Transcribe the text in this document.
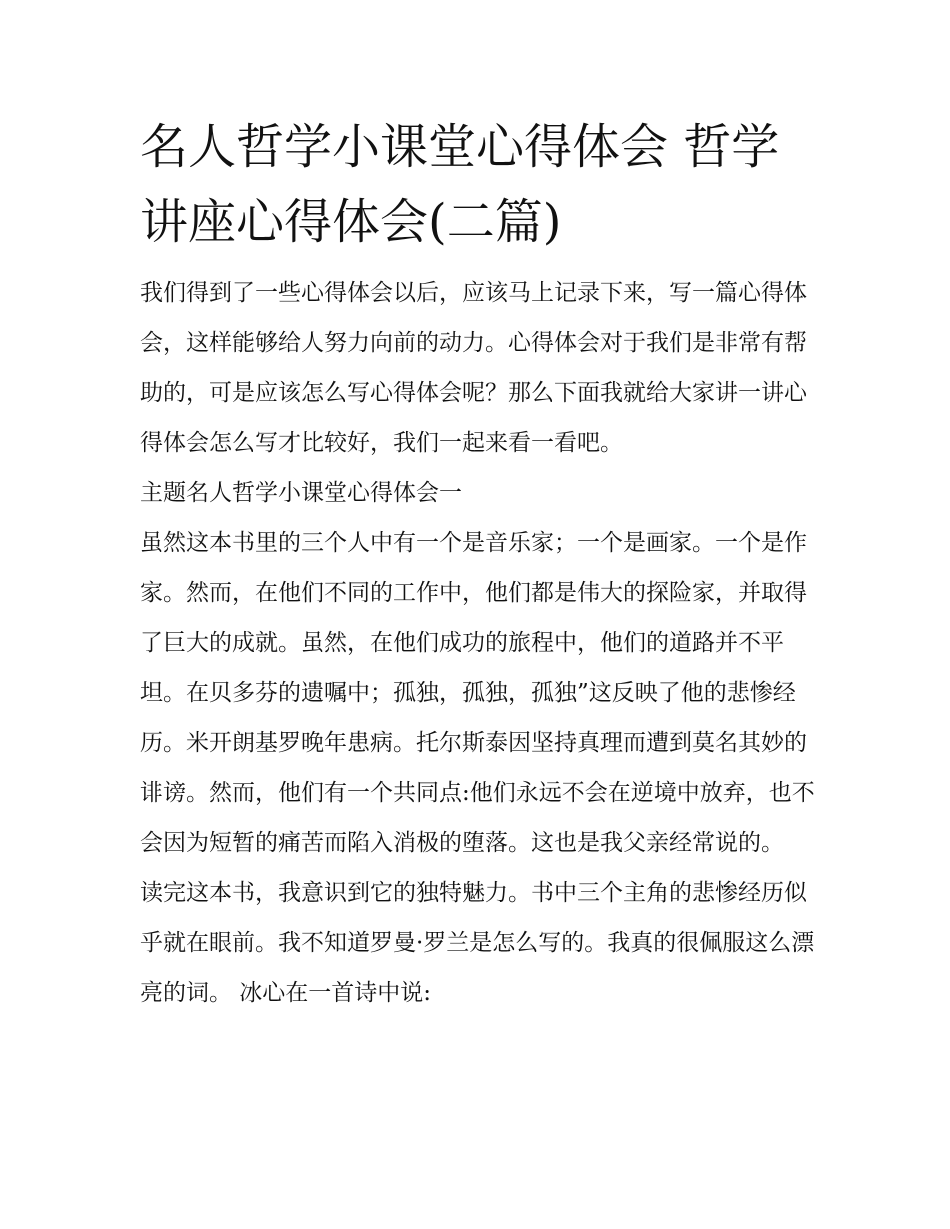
名人哲学小课堂心得体会 哲学讲座心得体会(二篇)

我们得到了一些心得体会以后，应该马上记录下来，写一篇心得体会，这样能够给人努力向前的动力。心得体会对于我们是非常有帮助的，可是应该怎么写心得体会呢？那么下面我就给大家讲一讲心得体会怎么写才比较好，我们一起来看一看吧。

主题名人哲学小课堂心得体会一

虽然这本书里的三个人中有一个是音乐家；一个是画家。一个是作家。然而，在他们不同的工作中，他们都是伟大的探险家，并取得了巨大的成就。虽然，在他们成功的旅程中，他们的道路并不平坦。在贝多芬的遗嘱中；孤独，孤独，孤独”这反映了他的悲惨经历。米开朗基罗晚年患病。托尔斯泰因坚持真理而遭到莫名其妙的诽谤。然而，他们有一个共同点:他们永远不会在逆境中放弃，也不会因为短暂的痛苦而陷入消极的堕落。这也是我父亲经常说的。

读完这本书，我意识到它的独特魅力。书中三个主角的悲惨经历似乎就在眼前。我不知道罗曼·罗兰是怎么写的。我真的很佩服这么漂亮的词。 冰心在一首诗中说:
